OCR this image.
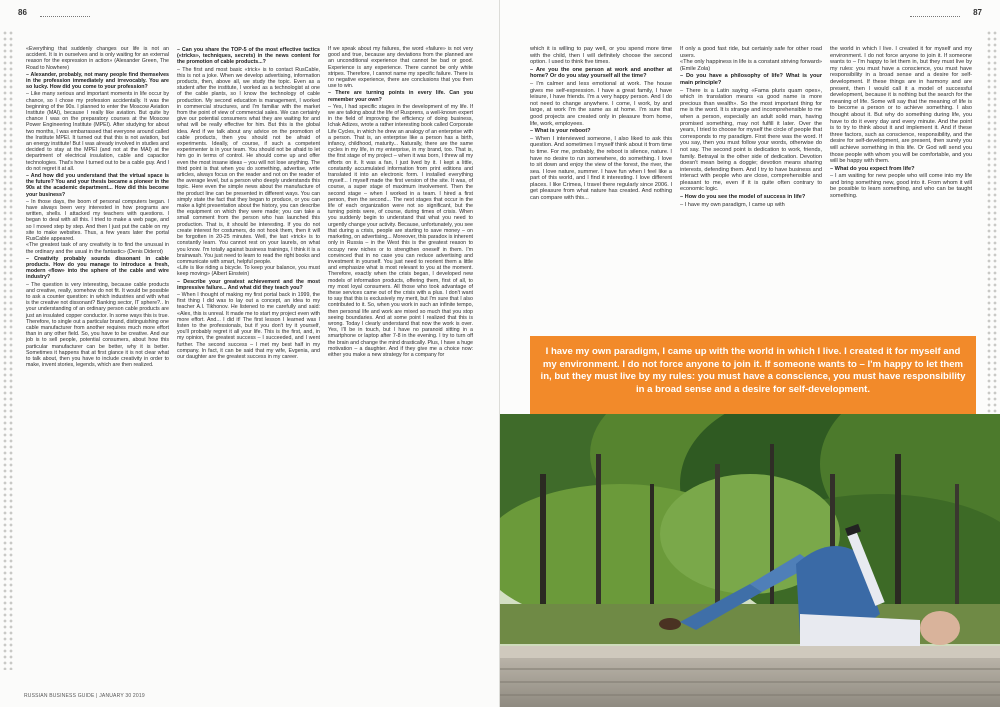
86

«Everything that suddenly changes our life is not an accident. It is in ourselves and is only waiting for an external reason for the expression in action» (Alexander Green, The Road to Nowhere)

– Alexander, probably, not many people find themselves in the profession immediately and irrevocably. You are so lucky. How did you come to your profession?

– Like many serious and important moments in life occur by chance, so I chose my profession accidentally. It was the beginning of the 90s. I planned to enter the Moscow Aviation Institute (MAI), because I really like aviation. But quite by chance I was on the preparatory courses at the Moscow Power Engineering Institute (MPEI). After studying for about two months, I was embarrassed that everyone around called the Institute MPEI. It turned out that this is not aviation, but an energy institute! But I was already involved in studies and decided to stay at the MPEI (and not at the MAI) at the department of electrical insulation, cable and capacitor technologies. That's how I turned out to be a cable guy. And I do not regret it at all.

– And how did you understand that the virtual space is the future? You and your thesis became a pioneer in the 90s at the academic department... How did this become your business?

– In those days, the boom of personal computers began. I have always been very interested in how programs are written, shells. I attacked my teachers with questions. I began to deal with all this. I tried to make a web page, and so I moved step by step. And then I just put the cable on my site to make websites. Thus, a few years later the portal RusCable appeared.

«The greatest task of any creativity is to find the unusual in the ordinary and the usual in the fantastic» (Denis Diderot)

– Creativity probably sounds dissonant in cable products. How do you manage to introduce a fresh, modern «flow» into the sphere of the cable and wire industry?

– The question is very interesting, because cable products and creative, really, somehow do not fit. It would be possible to ask a counter question: in which industries and with what is the creative not dissonant? Banking sector, IT sphere?.. In your understanding of an ordinary person cable products are just an insulated copper conductor. In some ways this is true. Therefore, to single out a particular brand, distinguishing one cable manufacturer from another requires much more effort than in any other field. So, you have to be creative. And our job is to sell people, potential consumers, about how this particular manufacturer can be better, why it is better. Sometimes it happens that at first glance it is not clear what to talk about, then you have to include creativity in order to make, invent stories, legends, which are then realized.

– Can you share the TOP-5 of the most effective tactics («tricks», techniques, secrets) in the news content for the promotion of cable products...?

– The first and most basic «trick» is to contact RusCable, this is not a joke. When we develop advertising, information products, then, above all, we study the topic. Even as a student after the institute, I worked as a technologist at one of the cable plants, so I know the technology of cable production. My second education is management, I worked in commercial structures, and I'm familiar with the market from the point of view of commercial sales. We can certainly give our potential consumers what they are waiting for and what will be really effective for him. But this is the global idea. And if we talk about any advice on the promotion of cable products, then you should not be afraid of experiments. Ideally, of course, if such a competent experimenter is in your team. You should not be afraid to let him go in terms of control. He should come up and offer even the most insane ideas – you will not lose anything. The third point is that when you do something, advertise, write articles, always focus on the reader and not on the reader of the average level, but a person who deeply understands this topic. Here even the simple news about the manufacture of the product line can be presented in different ways. You can simply state the fact that they began to produce, or you can make a light presentation about the history, you can describe the equipment on which they were made; you can take a small comment from the person who has launched this production. That is, it should be interesting. If you do not create interest for costumers, do not hook them, then it will be forgotten in 20-25 minutes. Well, the last «trick» is to constantly learn. You cannot rest on your laurels, on what you know. I'm totally against business trainings, I think it is a brainwash. You just need to learn to read the right books and communicate with smart, helpful people.

«Life is like riding a bicycle. To keep your balance, you must keep moving» (Albert Einstein)

– Describe your greatest achievement and the most impressive failure... And what did they teach you?

– When I thought of making my first portal back in 1999, the first thing I did was to lay out a concept, an idea to my teacher A.I. Tikhonov. He listened to me carefully and said: «Alex, this is unreal. It made me to start my project even with more effort. And... I did it! The first lesson I learned was I listen to the professionals, but if you don't try it yourself, you'll probably regret it all your life. This is the first, and, in my opinion, the greatest success – I succeeded, and I went further. The second success – I met my best half in my company. In fact, it can be said that my wife, Evgenia, and our daughter are the greatest success in my career.

If we speak about my failures, the word «failure» is not very good and true, because any deviations from the planned are an unconditional experience that cannot be bad or good. Experience is any experience. There cannot be only white stripes. Therefore, I cannot name my specific failure. There is no negative experience, there are conclusions that you then use to win.

– There are turning points in every life. Can you remember your own?

– Yes, I had specific stages in the development of my life. If we are talking about the life of Rusprens, a well-known expert in the field of improving the efficiency of doing business, Ichak Adizes, wrote a rather interesting book called Corporate Life Cycles, in which he drew an analogy of an enterprise with a person. That is, an enterprise like a person has a birth, infancy, childhood, maturity... Naturally, there are the same cycles in my life, in my enterprise, in my brand, too. That is, the first stage of my project – when it was born, I threw all my efforts on it. It was a fan, I just lived by it. I kept a little, constantly accumulated information from print editions and translated it into an electronic form. I installed everything myself... I myself made the first version of the site. It was, of course, a super stage of maximum involvement. Then the second stage – when I worked in a team. I hired a first person, then the second... The next stages that occur in the life of each organization were not so significant, but the turning points were, of course, during times of crisis. When you suddenly begin to understand that what you need to urgently change your activity. Because, unfortunately, you see that during a crisis, people are starting to save money – on marketing, on advertising... Moreover, this paradox is inherent only in Russia – in the West this is the greatest reason to occupy new niches or to strengthen oneself in them. I'm convinced that in no case you can reduce advertising and investment in yourself. You just need to reorient them a little and emphasize what is most relevant to you at the moment. Therefore, exactly when the crisis began, I developed new models of information products, offering them, first of all, to my most loyal consumers. All those who took advantage of these services came out of the crisis with a plus. I don't want to say that this is exclusively my merit, but I'm sure that I also contributed to it. So, when you work in such an infinite tempo, then personal life and work are mixed so much that you stop seeing boundaries. And at some point I realized that this is wrong. Today I clearly understand that now the work is over. Yes, I'll be in touch, but I have no paranoid sitting in a smartphone or laptop after 7-8 in the evening. I try to turn off the brain and change the mind drastically. Plus, I have a huge motivation – a daughter. And if they give me a choice now: either you make a new strategy for a company for

RUSSIAN BUSINESS GUIDE | JANUARY 30 2019
87

which it is willing to pay well, or you spend more time with the child, then I will definitely choose the second option. I used to think five times.

– Are you the one person at work and another at home? Or do you stay yourself all the time?

– I'm calmer and less emotional at work. The house gives me self-expression. I have a great family, I have leisure, I have friends. I'm a very happy person. And I do not need to change anywhere. I come, I work, by and large, at work I'm the same as at home. I'm sure that good projects are created only in pleasure from home, life, work, employees.

– What is your reboot?

– When I interviewed someone, I also liked to ask this question. And sometimes I myself think about it from time to time. For me, probably, the reboot is silence, nature. I have no desire to run somewhere, do something. I love to sit down and enjoy the view of the forest, the river, the sea. I love nature, summer. I have fun when I feel like a part of this world, and I find it interesting. I love different places. I like Crimea, I travel there regularly since 2006. I get pleasure from what nature has created. And nothing can compare with this...

If only a good fast ride, but certainly safe for other road users.

«The only happiness in life is a constant striving forward» (Emile Zola)

– Do you have a philosophy of life? What is your main principle?

– There is a Latin saying «Fama pluris quam opes», which in translation means «a good name is more precious than wealth». So the most important thing for me is the word. It is strange and incomprehensible to me when a person, especially an adult solid man, having promised something, may not fulfill it later. Over the years, I tried to choose for myself the circle of people that corresponds to my paradigm. First there was the word. If you say, then you must follow your words, otherwise do not say. The second point is dedication to work, friends, family. Betrayal is the other side of dedication. Devotion doesn't mean being a doggie; devotion means sharing interests, defending them. And I try to have business and interact with people who are close, comprehensible and pleasant to me, even if it is quite often contrary to economic logic.

– How do you see the model of success in life?

– I have my own paradigm, I came up with

the world in which I live. I created it for myself and my environment. I do not force anyone to join it. If someone wants to – I'm happy to let them in, but they must live by my rules: you must have a conscience, you must have responsibility in a broad sense and a desire for self-development. If these things are in harmony and are present, then I would call it a model of successful development, because it is nothing but the search for the meaning of life. Some will say that the meaning of life is to become a person or to achieve something. I also thought about it. But why do something during life, you have to do it every day and every minute. And the point is to try to think about it and implement it. And if these three factors, such as conscience, responsibility, and the desire for self-development, are present, then surely you will achieve something in this life. Or God will send you those people with whom you will be comfortable, and you will be happy with them.

– What do you expect from life?

– I am waiting for new people who will come into my life and bring something new, good into it. From whom it will be possible to learn something, and who can be taught something.

I have my own paradigm, I came up with the world in which I live. I created it for myself and my environment. I do not force anyone to join it. If someone wants to – I'm happy to let them in, but they must live by my rules: you must have a conscience, you must have responsibility in a broad sense and a desire for self-development.
